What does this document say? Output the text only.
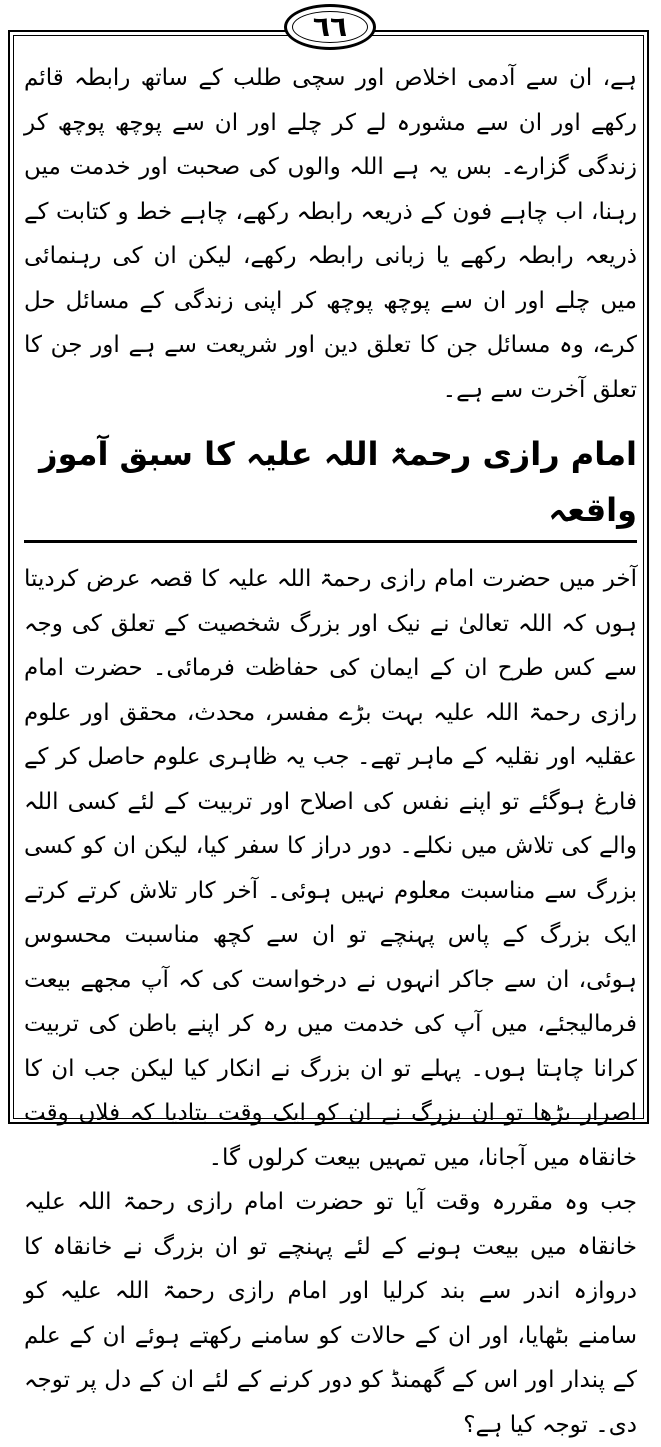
٦٦

ہے، ان سے آدمی اخلاص اور سچی طلب کے ساتھ رابطہ قائم رکھے اور ان سے مشورہ لے کر چلے اور ان سے پوچھ پوچھ کر زندگی گزارے۔ بس یہ ہے اللہ والوں کی صحبت اور خدمت میں رہنا، اب چاہے فون کے ذریعہ رابطہ رکھے، چاہے خط و کتابت کے ذریعہ رابطہ رکھے یا زبانی رابطہ رکھے، لیکن ان کی رہنمائی میں چلے اور ان سے پوچھ پوچھ کر اپنی زندگی کے مسائل حل کرے، وہ مسائل جن کا تعلق دین اور شریعت سے ہے اور جن کا تعلق آخرت سے ہے۔

امام رازی رحمۃ اللہ علیہ کا سبق آموز واقعہ

آخر میں حضرت امام رازی رحمۃ اللہ علیہ کا قصہ عرض کردیتا ہوں کہ اللہ تعالیٰ نے نیک اور بزرگ شخصیت کے تعلق کی وجہ سے کس طرح ان کے ایمان کی حفاظت فرمائی۔ حضرت امام رازی رحمۃ اللہ علیہ بہت بڑے مفسر، محدث، محقق اور علوم عقلیہ اور نقلیہ کے ماہر تھے۔ جب یہ ظاہری علوم حاصل کر کے فارغ ہوگئے تو اپنے نفس کی اصلاح اور تربیت کے لئے کسی اللہ والے کی تلاش میں نکلے۔ دور دراز کا سفر کیا، لیکن ان کو کسی بزرگ سے مناسبت معلوم نہیں ہوئی۔ آخر کار تلاش کرتے کرتے ایک بزرگ کے پاس پہنچے تو ان سے کچھ مناسبت محسوس ہوئی، ان سے جاکر انہوں نے درخواست کی کہ آپ مجھے بیعت فرمالیجئے، میں آپ کی خدمت میں رہ کر اپنے باطن کی تربیت کرانا چاہتا ہوں۔ پہلے تو ان بزرگ نے انکار کیا لیکن جب ان کا اصرار بڑھا تو ان بزرگ نے ان کو ایک وقت بتادیا کہ فلاں وقت خانقاہ میں آجانا، میں تمہیں بیعت کرلوں گا۔

جب وہ مقررہ وقت آیا تو حضرت امام رازی رحمۃ اللہ علیہ خانقاہ میں بیعت ہونے کے لئے پہنچے تو ان بزرگ نے خانقاہ کا دروازہ اندر سے بند کرلیا اور امام رازی رحمۃ اللہ علیہ کو سامنے بٹھایا، اور ان کے حالات کو سامنے رکھتے ہوئے ان کے علم کے پندار اور اس کے گھمنڈ کو دور کرنے کے لئے ان کے دل پر توجہ دی۔ توجہ کیا ہے؟
